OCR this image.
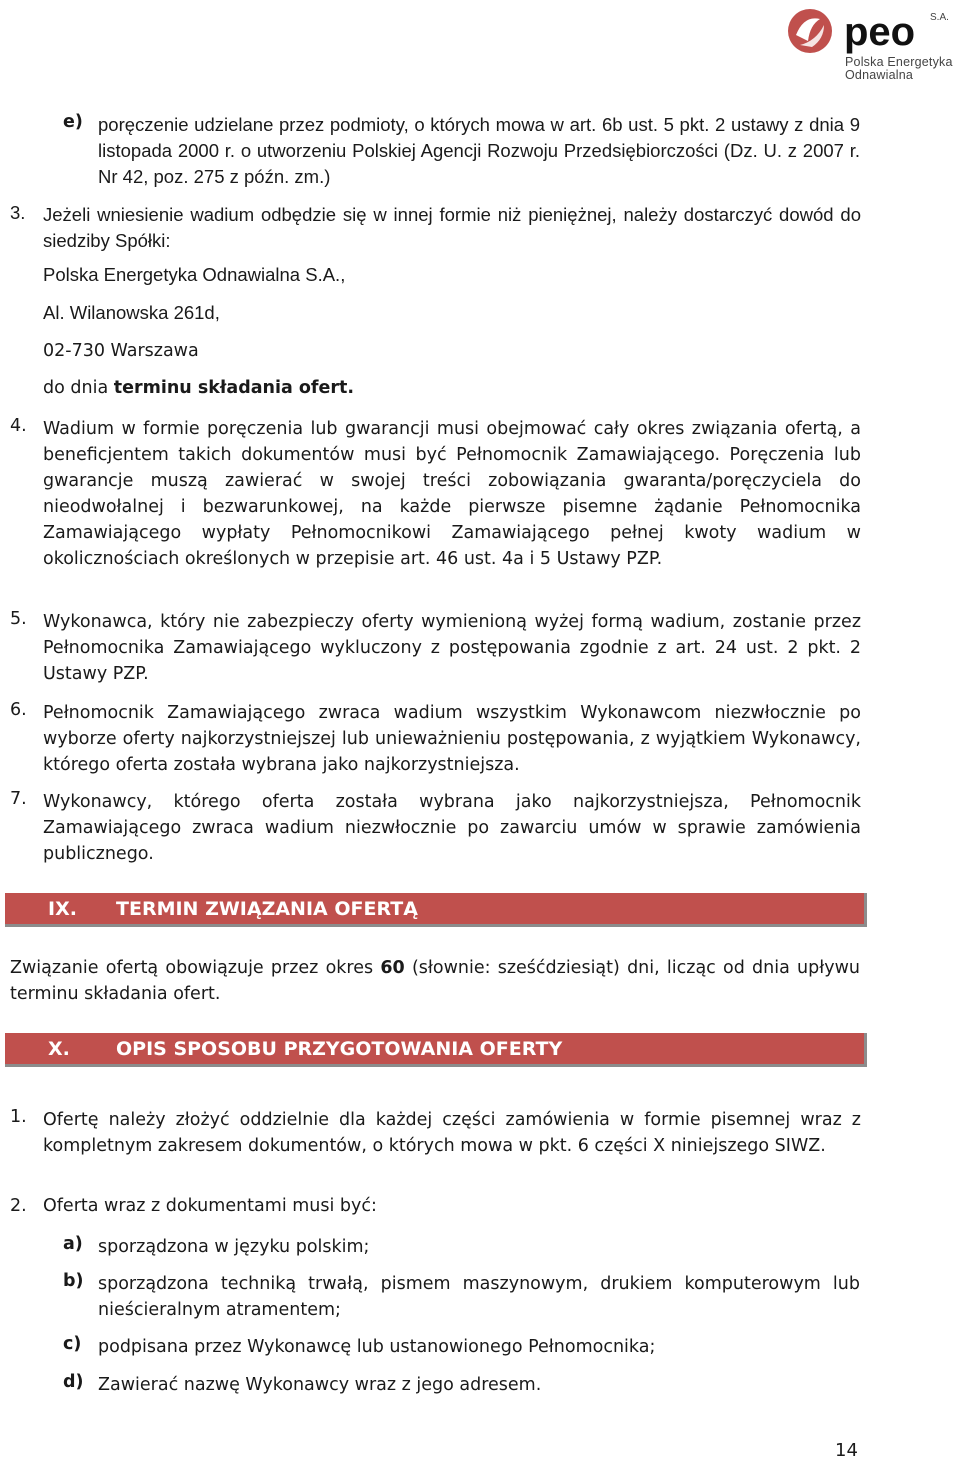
peo S.A.
Polska Energetyka
Odnawialna
e) poręczenie udzielane przez podmioty, o których mowa w art. 6b ust. 5 pkt. 2 ustawy z dnia 9 listopada 2000 r. o utworzeniu Polskiej Agencji Rozwoju Przedsiębiorczości (Dz. U. z 2007 r. Nr 42, poz. 275 z późn. zm.)
3. Jeżeli wniesienie wadium odbędzie się w innej formie niż pieniężnej, należy dostarczyć dowód do siedziby Spółki:
Polska Energetyka Odnawialna S.A.,
Al. Wilanowska 261d,
02-730 Warszawa
do dnia terminu składania ofert.
4. Wadium w formie poręczenia lub gwarancji musi obejmować cały okres związania ofertą, a beneficjentem takich dokumentów musi być Pełnomocnik Zamawiającego. Poręczenia lub gwarancje muszą zawierać w swojej treści zobowiązania gwaranta/poręczyciela do nieodwołalnej i bezwarunkowej, na każde pierwsze pisemne żądanie Pełnomocnika Zamawiającego wypłaty Pełnomocnikowi Zamawiającego pełnej kwoty wadium w okolicznościach określonych w przepisie art. 46 ust. 4a i 5 Ustawy PZP.
5. Wykonawca, który nie zabezpieczy oferty wymienioną wyżej formą wadium, zostanie przez Pełnomocnika Zamawiającego wykluczony z postępowania zgodnie z art. 24 ust. 2 pkt. 2 Ustawy PZP.
6. Pełnomocnik Zamawiającego zwraca wadium wszystkim Wykonawcom niezwłocznie po wyborze oferty najkorzystniejszej lub unieważnieniu postępowania, z wyjątkiem Wykonawcy, którego oferta została wybrana jako najkorzystniejsza.
7. Wykonawcy, którego oferta została wybrana jako najkorzystniejsza, Pełnomocnik Zamawiającego zwraca wadium niezwłocznie po zawarciu umów w sprawie zamówienia publicznego.
IX. TERMIN ZWIĄZANIA OFERTĄ
Związanie ofertą obowiązuje przez okres 60 (słownie: sześćdziesiąt) dni, licząc od dnia upływu terminu składania ofert.
X. OPIS SPOSOBU PRZYGOTOWANIA OFERTY
1. Ofertę należy złożyć oddzielnie dla każdej części zamówienia w formie pisemnej wraz z kompletnym zakresem dokumentów, o których mowa w pkt. 6 części X niniejszego SIWZ.
2. Oferta wraz z dokumentami musi być:
a) sporządzona w języku polskim;
b) sporządzona techniką trwałą, pismem maszynowym, drukiem komputerowym lub nieścieralnym atramentem;
c) podpisana przez Wykonawcę lub ustanowionego Pełnomocnika;
d) Zawierać nazwę Wykonawcy wraz z jego adresem.
14
